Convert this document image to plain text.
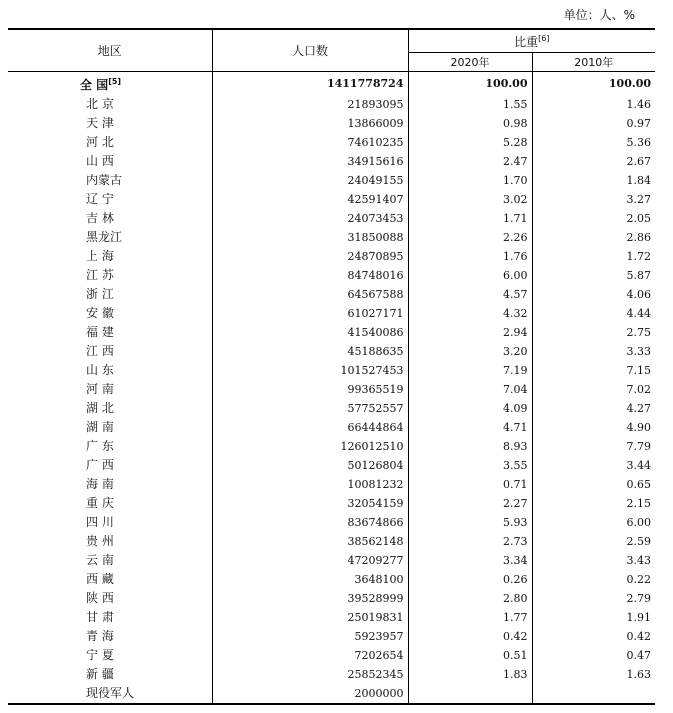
单位：人、%
地区	人口数	比重[6]
		2020年	2010年
全 国[5]	1411778724	100.00	100.00
北 京	21893095	1.55	1.46
天 津	13866009	0.98	0.97
河 北	74610235	5.28	5.36
山 西	34915616	2.47	2.67
内蒙古	24049155	1.70	1.84
辽 宁	42591407	3.02	3.27
吉 林	24073453	1.71	2.05
黑龙江	31850088	2.26	2.86
上 海	24870895	1.76	1.72
江 苏	84748016	6.00	5.87
浙 江	64567588	4.57	4.06
安 徽	61027171	4.32	4.44
福 建	41540086	2.94	2.75
江 西	45188635	3.20	3.33
山 东	101527453	7.19	7.15
河 南	99365519	7.04	7.02
湖 北	57752557	4.09	4.27
湖 南	66444864	4.71	4.90
广 东	126012510	8.93	7.79
广 西	50126804	3.55	3.44
海 南	10081232	0.71	0.65
重 庆	32054159	2.27	2.15
四 川	83674866	5.93	6.00
贵 州	38562148	2.73	2.59
云 南	47209277	3.34	3.43
西 藏	3648100	0.26	0.22
陕 西	39528999	2.80	2.79
甘 肃	25019831	1.77	1.91
青 海	5923957	0.42	0.42
宁 夏	7202654	0.51	0.47
新 疆	25852345	1.83	1.63
现役军人	2000000		
